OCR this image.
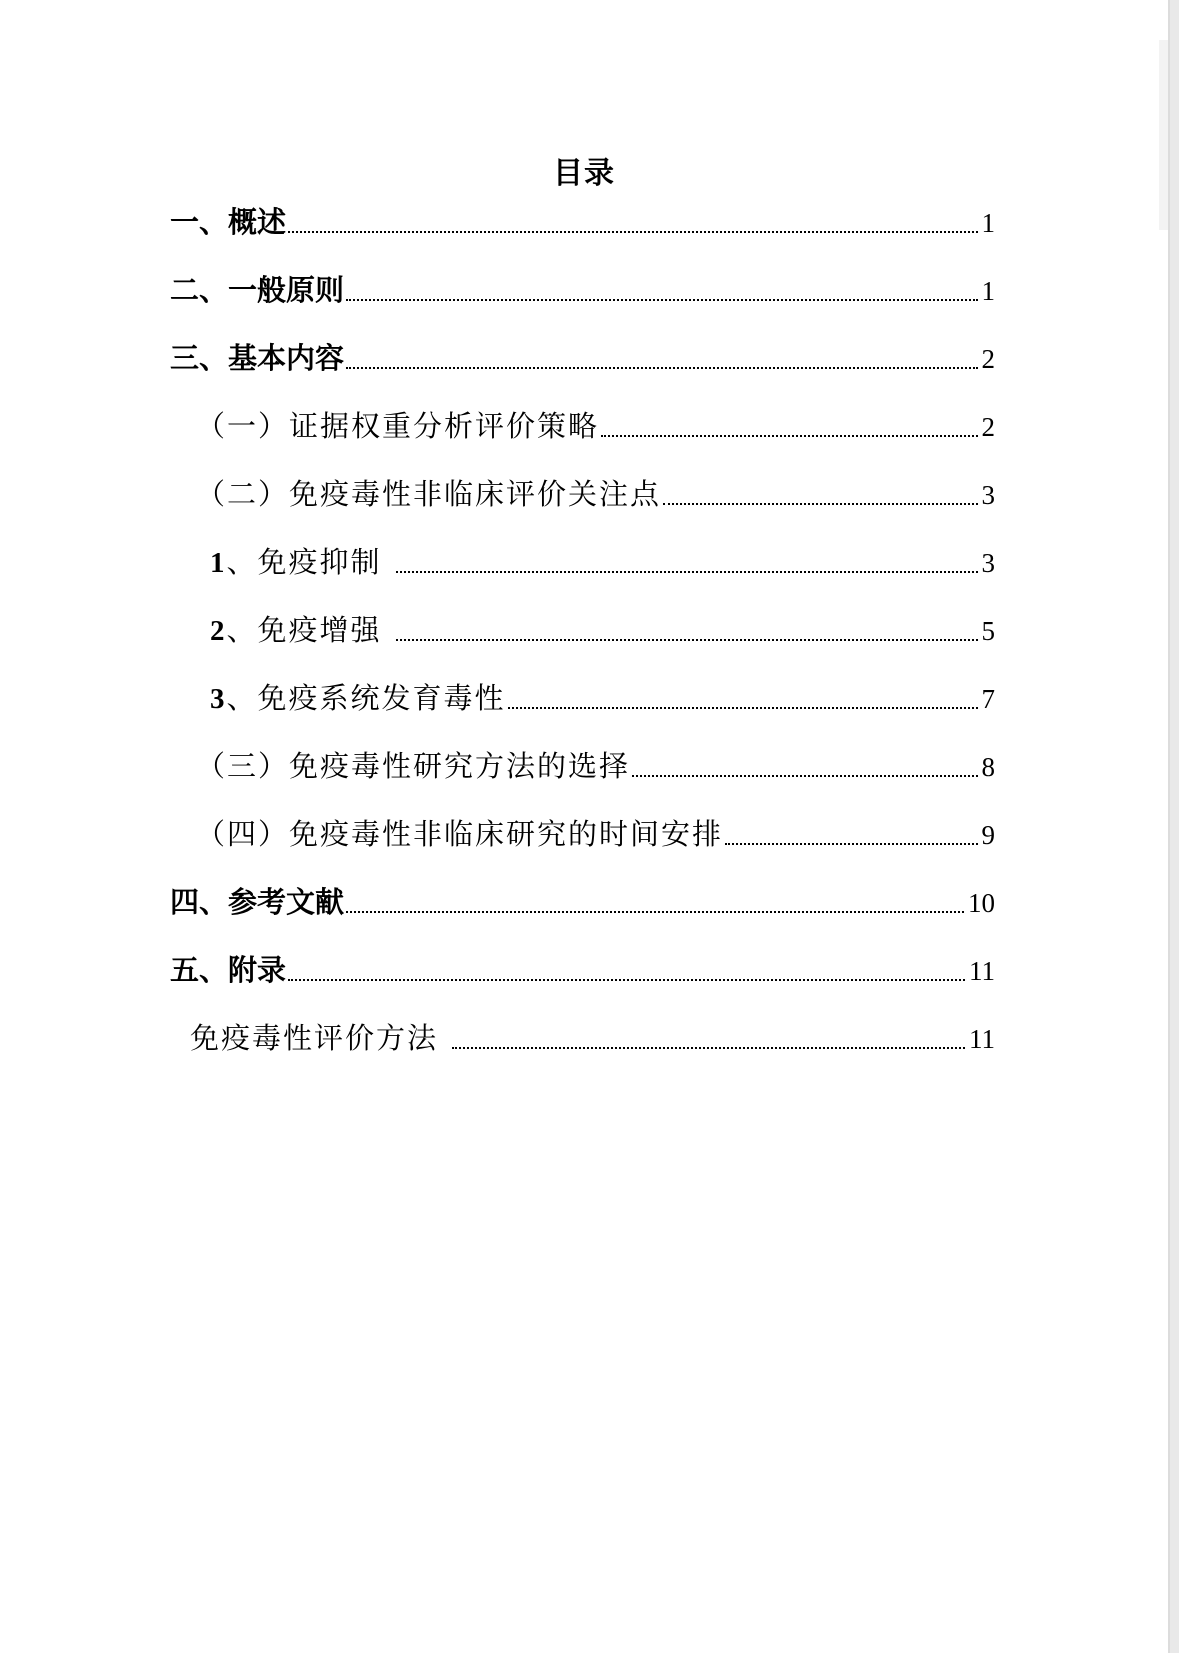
目录
一、概述	1
二、一般原则	1
三、基本内容	2
（一）证据权重分析评价策略	2
（二）免疫毒性非临床评价关注点	3
1、免疫抑制	3
2、免疫增强	5
3、免疫系统发育毒性	7
（三）免疫毒性研究方法的选择	8
（四）免疫毒性非临床研究的时间安排	9
四、参考文献	10
五、附录	11
免疫毒性评价方法	11
